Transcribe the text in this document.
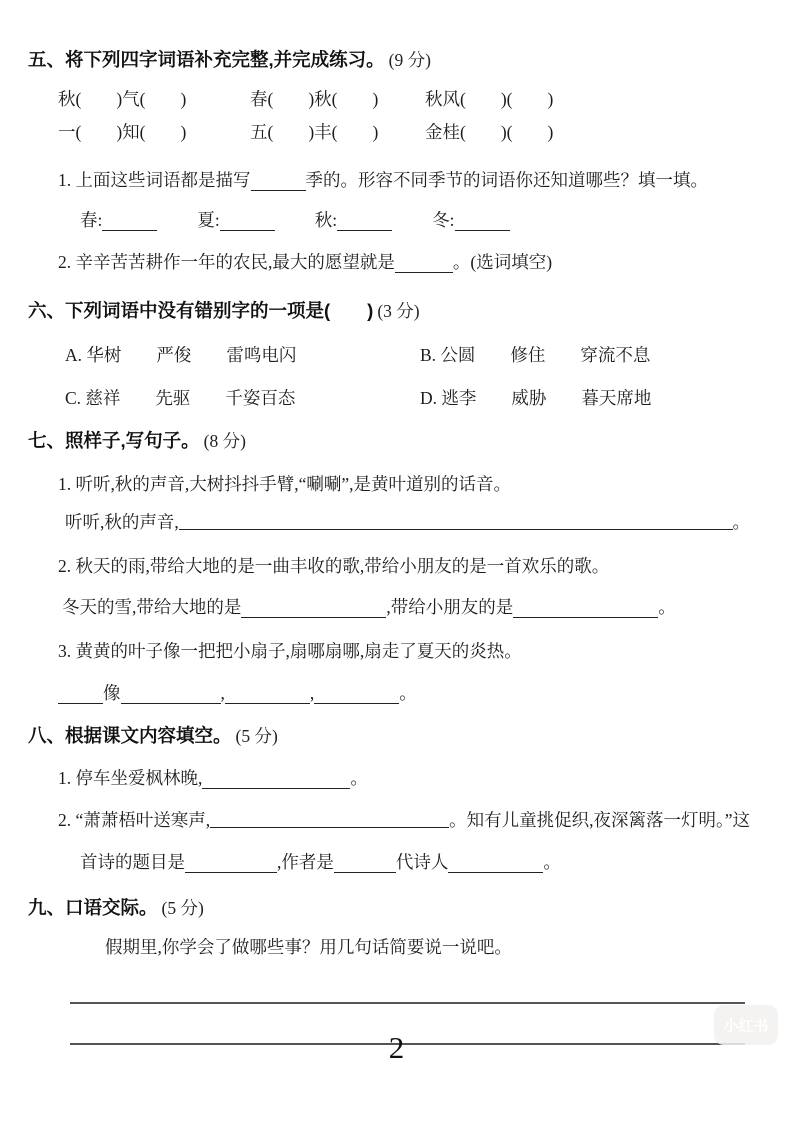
五、将下列四字词语补充完整,并完成练习。 (9 分)
秋(　　)气(　　)	春(　　)秋(　　)	秋风(　　)(　　)
一(　　)知(　　)	五(　　)丰(　　)	金桂(　　)(　　)
1. 上面这些词语都是描写	季的。形容不同季节的词语你还知道哪些？填一填。
春:	夏:	秋:	冬:
2. 辛辛苦苦耕作一年的农民,最大的愿望就是	。(选词填空)
六、下列词语中没有错别字的一项是(　　) (3 分)
A. 华树　　严俊　　雷鸣电闪	B. 公圆　　修住　　穿流不息
C. 慈祥　　先驱　　千姿百态	D. 逃李　　威胁　　暮天席地
七、照样子,写句子。 (8 分)
1. 听听,秋的声音,大树抖抖手臂,“唰唰”,是黄叶道别的话音。
听听,秋的声音,	。
2. 秋天的雨,带给大地的是一曲丰收的歌,带给小朋友的是一首欢乐的歌。
冬天的雪,带给大地的是	,带给小朋友的是	。
3. 黄黄的叶子像一把把小扇子,扇哪扇哪,扇走了夏天的炎热。
像	,	,	。
八、根据课文内容填空。 (5 分)
1. 停车坐爱枫林晚,	。
2. “萧萧梧叶送寒声,	。知有儿童挑促织,夜深篱落一灯明。”这
首诗的题目是	,作者是	代诗人	。
九、口语交际。 (5 分)
假期里,你学会了做哪些事？用几句话简要说一说吧。
小红书
2
